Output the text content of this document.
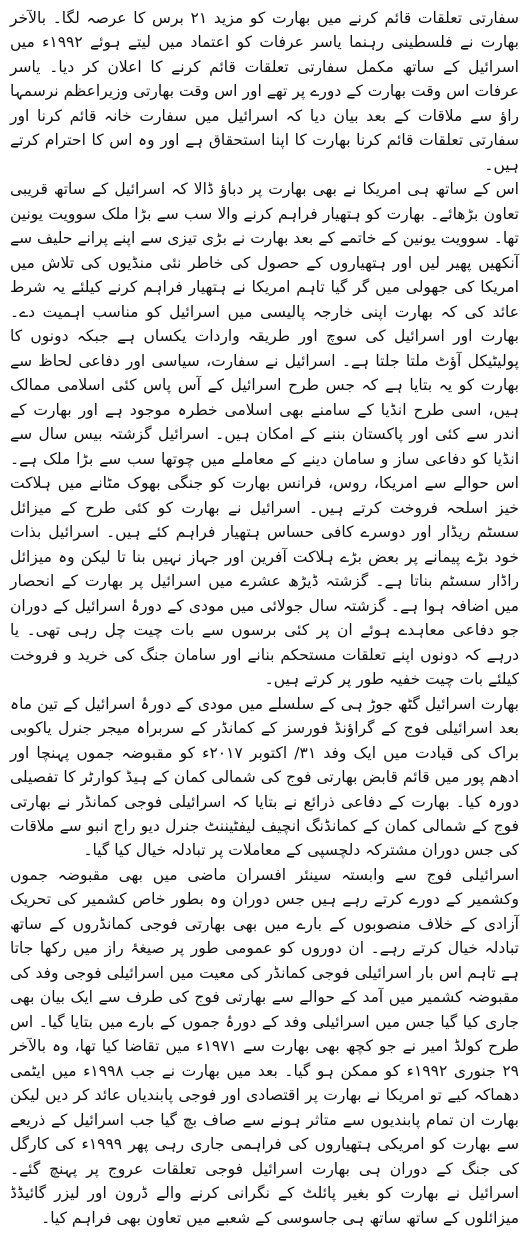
سفارتی تعلقات قائم کرنے میں بھارت کو مزید ۲۱ برس کا عرصہ لگا۔ بالآخر بھارت نے فلسطینی رہنما یاسر عرفات کو اعتماد میں لیتے ہوئے ۱۹۹۲ء میں اسرائیل کے ساتھ مکمل سفارتی تعلقات قائم کرنے کا اعلان کر دیا۔ یاسر عرفات اس وقت بھارت کے دورے پر تھے اور اس وقت بھارتی وزیراعظم نرسمہا راؤ سے ملاقات کے بعد بیان دیا کہ اسرائیل میں سفارت خانہ قائم کرنا اور سفارتی تعلقات قائم کرنا بھارت کا اپنا استحقاق ہے اور وہ اس کا احترام کرتے ہیں۔

اس کے ساتھ ہی امریکا نے بھی بھارت پر دباؤ ڈالا کہ اسرائیل کے ساتھ قریبی تعاون بڑھائے۔ بھارت کو ہتھیار فراہم کرنے والا سب سے بڑا ملک سوویت یونین تھا۔ سوویت یونین کے خاتمے کے بعد بھارت نے بڑی تیزی سے اپنے پرانے حلیف سے آنکھیں پھیر لیں اور ہتھیاروں کے حصول کی خاطر نئی منڈیوں کی تلاش میں امریکا کی جھولی میں گر گیا تاہم امریکا نے ہتھیار فراہم کرنے کیلئے یہ شرط عائد کی کہ بھارت اپنی خارجہ پالیسی میں اسرائیل کو مناسب اہمیت دے۔ بھارت اور اسرائیل کی سوچ اور طریقہ واردات یکساں ہے جبکہ دونوں کا پولیٹیکل آؤٹ ملتا جلتا ہے۔ اسرائیل نے سفارت، سیاسی اور دفاعی لحاظ سے بھارت کو یہ بتایا ہے کہ جس طرح اسرائیل کے آس پاس کئی اسلامی ممالک ہیں، اسی طرح انڈیا کے سامنے بھی اسلامی خطرہ موجود ہے اور بھارت کے اندر سے کئی اور پاکستان بننے کے امکان ہیں۔ اسرائیل گزشتہ بیس سال سے انڈیا کو دفاعی ساز و سامان دینے کے معاملے میں چوتھا سب سے بڑا ملک ہے۔ اس حوالے سے امریکا، روس، فرانس بھارت کو جنگی بھوک مٹانے میں ہلاکت خیز اسلحہ فروخت کرتے ہیں۔ اسرائیل نے بھارت کو کئی طرح کے میزائل سسٹم ریڈار اور دوسرے کافی حساس ہتھیار فراہم کئے ہیں۔ اسرائیل بذات خود بڑے پیمانے پر بعض بڑے ہلاکت آفرین اور جہاز نہیں بنا تا لیکن وہ میزائل راڈار سسٹم بناتا ہے۔ گزشتہ ڈیڑھ عشرے میں اسرائیل پر بھارت کے انحصار میں اضافہ ہوا ہے۔ گزشتہ سال جولائی میں مودی کے دورۂ اسرائیل کے دوران جو دفاعی معاہدے ہوئے ان پر کئی برسوں سے بات چیت چل رہی تھی۔ یا درہے کہ دونوں اپنے تعلقات مستحکم بنانے اور سامان جنگ کی خرید و فروخت کیلئے بات چیت خفیہ طور پر کرتے ہیں۔

بھارت اسرائیل گٹھ جوڑ ہی کے سلسلے میں مودی کے دورۂ اسرائیل کے تین ماہ بعد اسرائیلی فوج کے گراؤنڈ فورسز کے کمانڈر کے سربراہ میجر جنرل یاکوبی براک کی قیادت میں ایک وفد ۳۱/ اکتوبر ۲۰۱۷ء کو مقبوضہ جموں پہنچا اور ادھم پور میں قائم قابض بھارتی فوج کی شمالی کمان کے ہیڈ کوارٹر کا تفصیلی دورہ کیا۔ بھارت کے دفاعی ذرائع نے بتایا کہ اسرائیلی فوجی کمانڈر نے بھارتی فوج کے شمالی کمان کے کمانڈنگ انچیف لیفٹیننٹ جنرل دیو راج انبو سے ملاقات کی جس دوران مشترکہ دلچسپی کے معاملات پر تبادلہ خیال کیا گیا۔

اسرائیلی فوج سے وابستہ سینئر افسران ماضی میں بھی مقبوضہ جموں وکشمیر کے دورے کرتے رہے ہیں جس دوران وہ بطور خاص کشمیر کی تحریک آزادی کے خلاف منصوبوں کے بارے میں بھی بھارتی فوجی کمانڈروں کے ساتھ تبادلہ خیال کرتے رہے۔ ان دوروں کو عمومی طور پر صیغۂ راز میں رکھا جاتا ہے تاہم اس بار اسرائیلی فوجی کمانڈر کی معیت میں اسرائیلی فوجی وفد کی مقبوضہ کشمیر میں آمد کے حوالے سے بھارتی فوج کی طرف سے ایک بیان بھی جاری کیا گیا جس میں اسرائیلی وفد کے دورۂ جموں کے بارے میں بتایا گیا۔ اس طرح کولڈ امیر نے جو کچھ بھی بھارت سے ۱۹۷۱ء میں تقاضا کیا تھا، وہ بالآخر ۲۹ جنوری ۱۹۹۲ء کو ممکن ہو گیا۔ بعد میں بھارت نے جب ۱۹۹۸ء میں ایٹمی دھماکہ کیے تو امریکا نے بھارت پر اقتصادی اور فوجی پابندیاں عائد کر دیں لیکن بھارت ان تمام پابندیوں سے متاثر ہونے سے صاف بچ گیا جب اسرائیل کے ذریعے سے بھارت کو امریکی ہتھیاروں کی فراہمی جاری رہی پھر ۱۹۹۹ء کی کارگل کی جنگ کے دوران ہی بھارت اسرائیل فوجی تعلقات عروج پر پہنچ گئے۔ اسرائیل نے بھارت کو بغیر پائلٹ کے نگرانی کرنے والے ڈرون اور لیزر گائیڈڈ میزائلوں کے ساتھ ساتھ ہی جاسوسی کے شعبے میں تعاون بھی فراہم کیا۔
